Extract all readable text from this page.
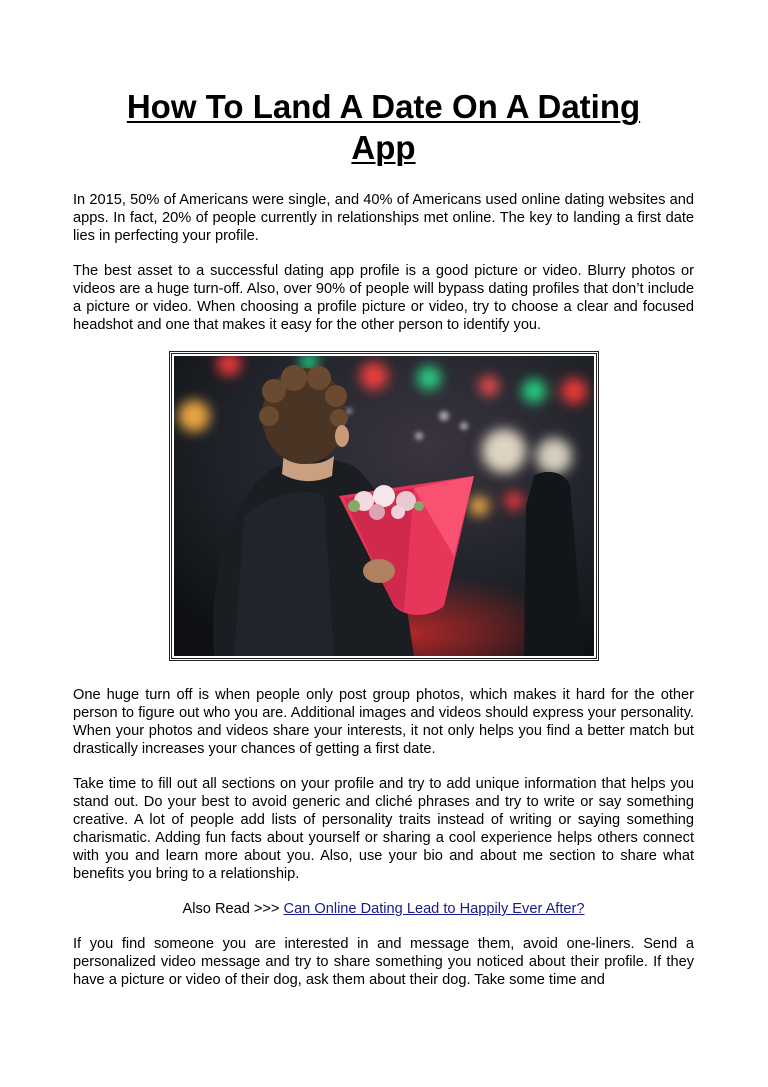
How To Land A Date On A Dating App

In 2015, 50% of Americans were single, and 40% of Americans used online dating websites and apps. In fact, 20% of people currently in relationships met online. The key to landing a first date lies in perfecting your profile.

The best asset to a successful dating app profile is a good picture or video. Blurry photos or videos are a huge turn-off. Also, over 90% of people will bypass dating profiles that don’t include a picture or video. When choosing a profile picture or video, try to choose a clear and focused headshot and one that makes it easy for the other person to identify you.

One huge turn off is when people only post group photos, which makes it hard for the other person to figure out who you are. Additional images and videos should express your personality. When your photos and videos share your interests, it not only helps you find a better match but drastically increases your chances of getting a first date.

Take time to fill out all sections on your profile and try to add unique information that helps you stand out. Do your best to avoid generic and cliché phrases and try to write or say something creative. A lot of people add lists of personality traits instead of writing or saying something charismatic. Adding fun facts about yourself or sharing a cool experience helps others connect with you and learn more about you. Also, use your bio and about me section to share what benefits you bring to a relationship.

Also Read >>> Can Online Dating Lead to Happily Ever After?

If you find someone you are interested in and message them, avoid one-liners. Send a personalized video message and try to share something you noticed about their profile. If they have a picture or video of their dog, ask them about their dog. Take some time and
